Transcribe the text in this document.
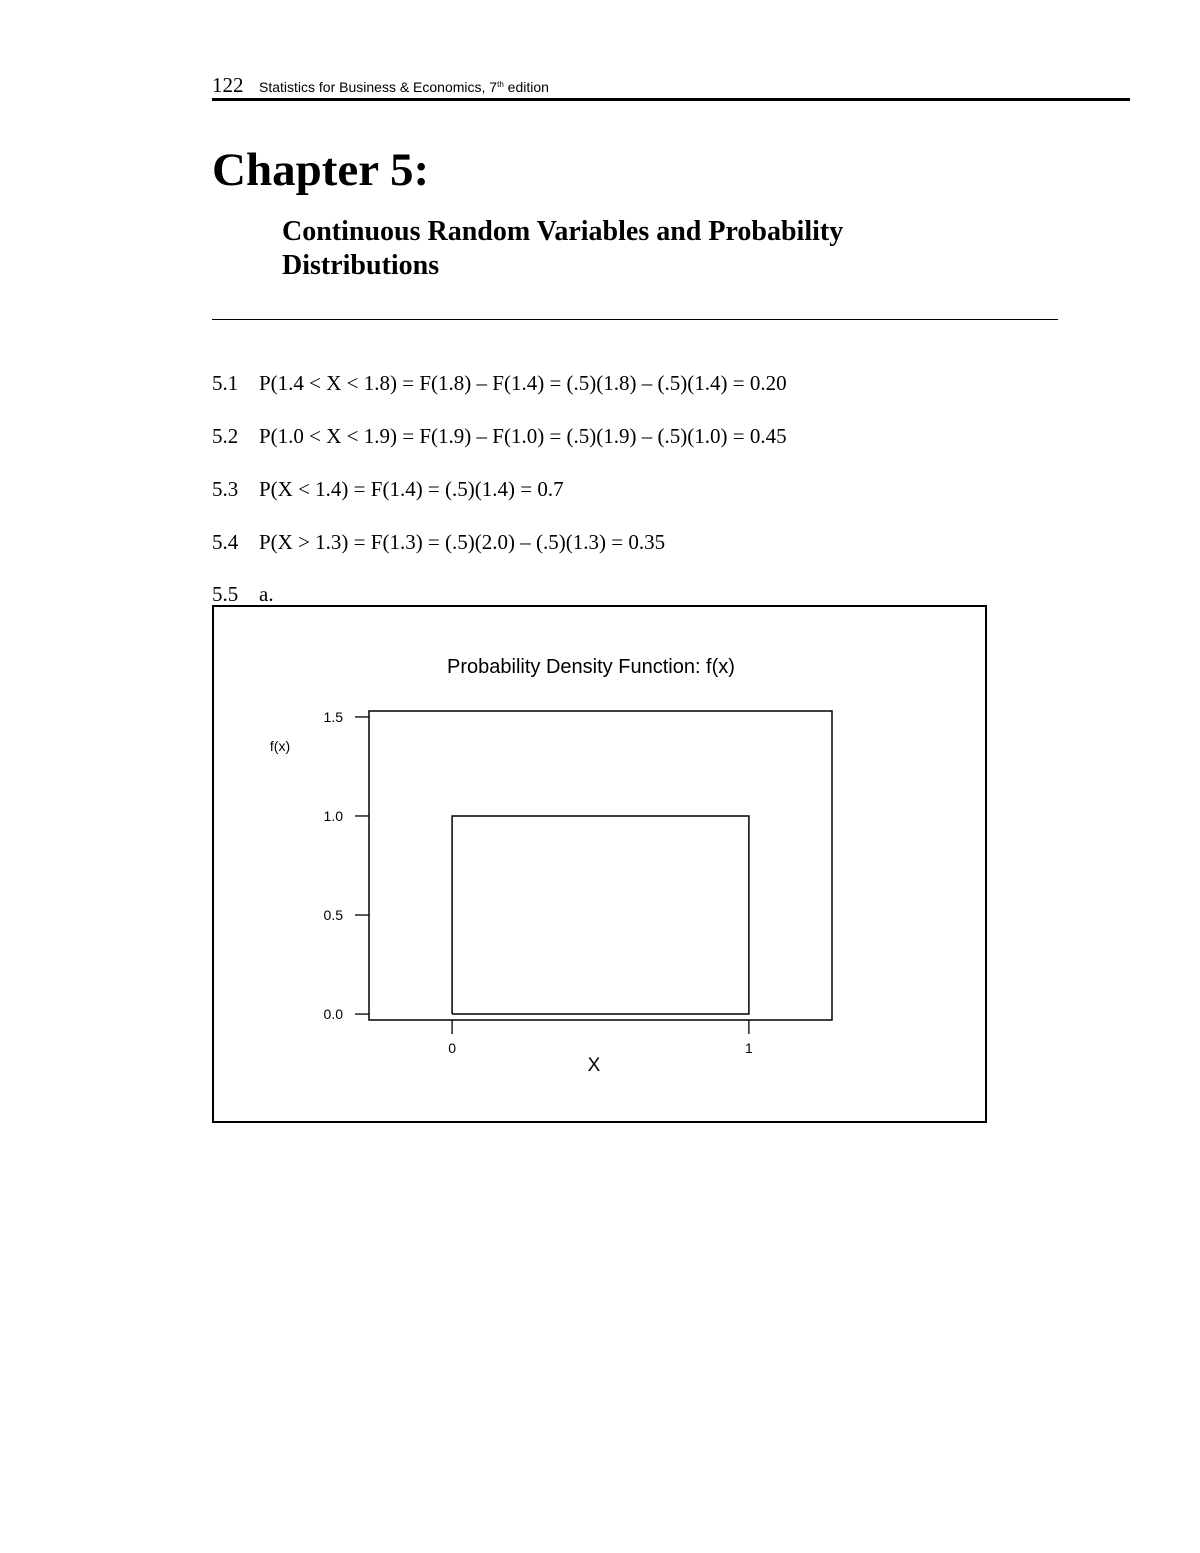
122 Statistics for Business & Economics, 7th edition
Chapter 5:
Continuous Random Variables and Probability
Distributions
5.1 P(1.4 < X < 1.8) = F(1.8) – F(1.4) = (.5)(1.8) – (.5)(1.4) = 0.20
5.2 P(1.0 < X < 1.9) = F(1.9) – F(1.0) = (.5)(1.9) – (.5)(1.0) = 0.45
5.3 P(X < 1.4) = F(1.4) = (.5)(1.4) = 0.7
5.4 P(X > 1.3) = F(1.3) = (.5)(2.0) – (.5)(1.3) = 0.35
5.5 a.
Probability Density Function: f(x)
f(x)
X
0.0
0.5
1.0
1.5
0	1
